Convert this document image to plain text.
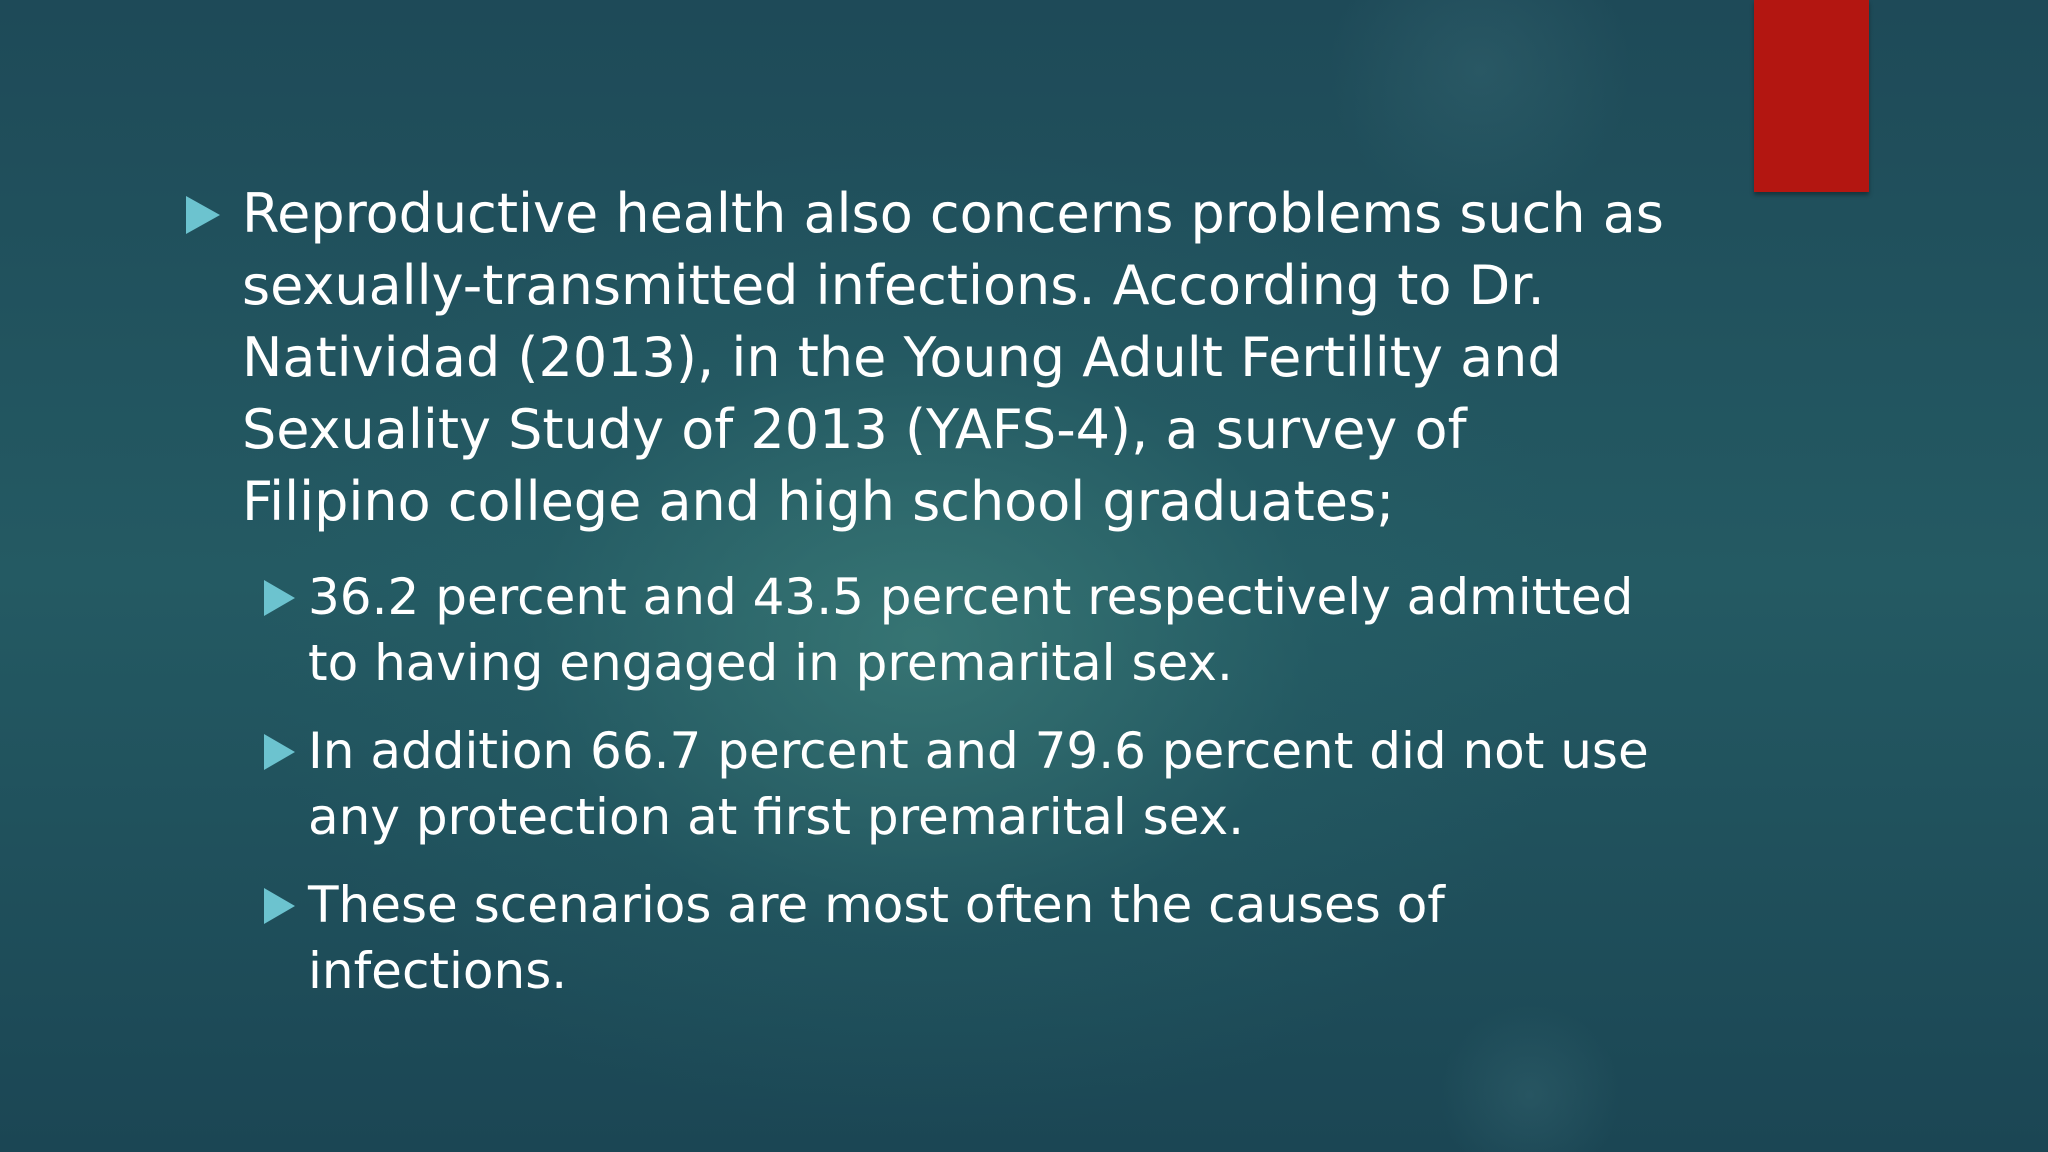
Reproductive health also concerns problems such as sexually-transmitted infections. According to Dr. Natividad (2013), in the Young Adult Fertility and Sexuality Study of 2013 (YAFS-4), a survey of Filipino college and high school graduates;
36.2 percent and 43.5 percent respectively admitted to having engaged in premarital sex.
In addition 66.7 percent and 79.6 percent did not use any protection at first premarital sex.
These scenarios are most often the causes of infections.
